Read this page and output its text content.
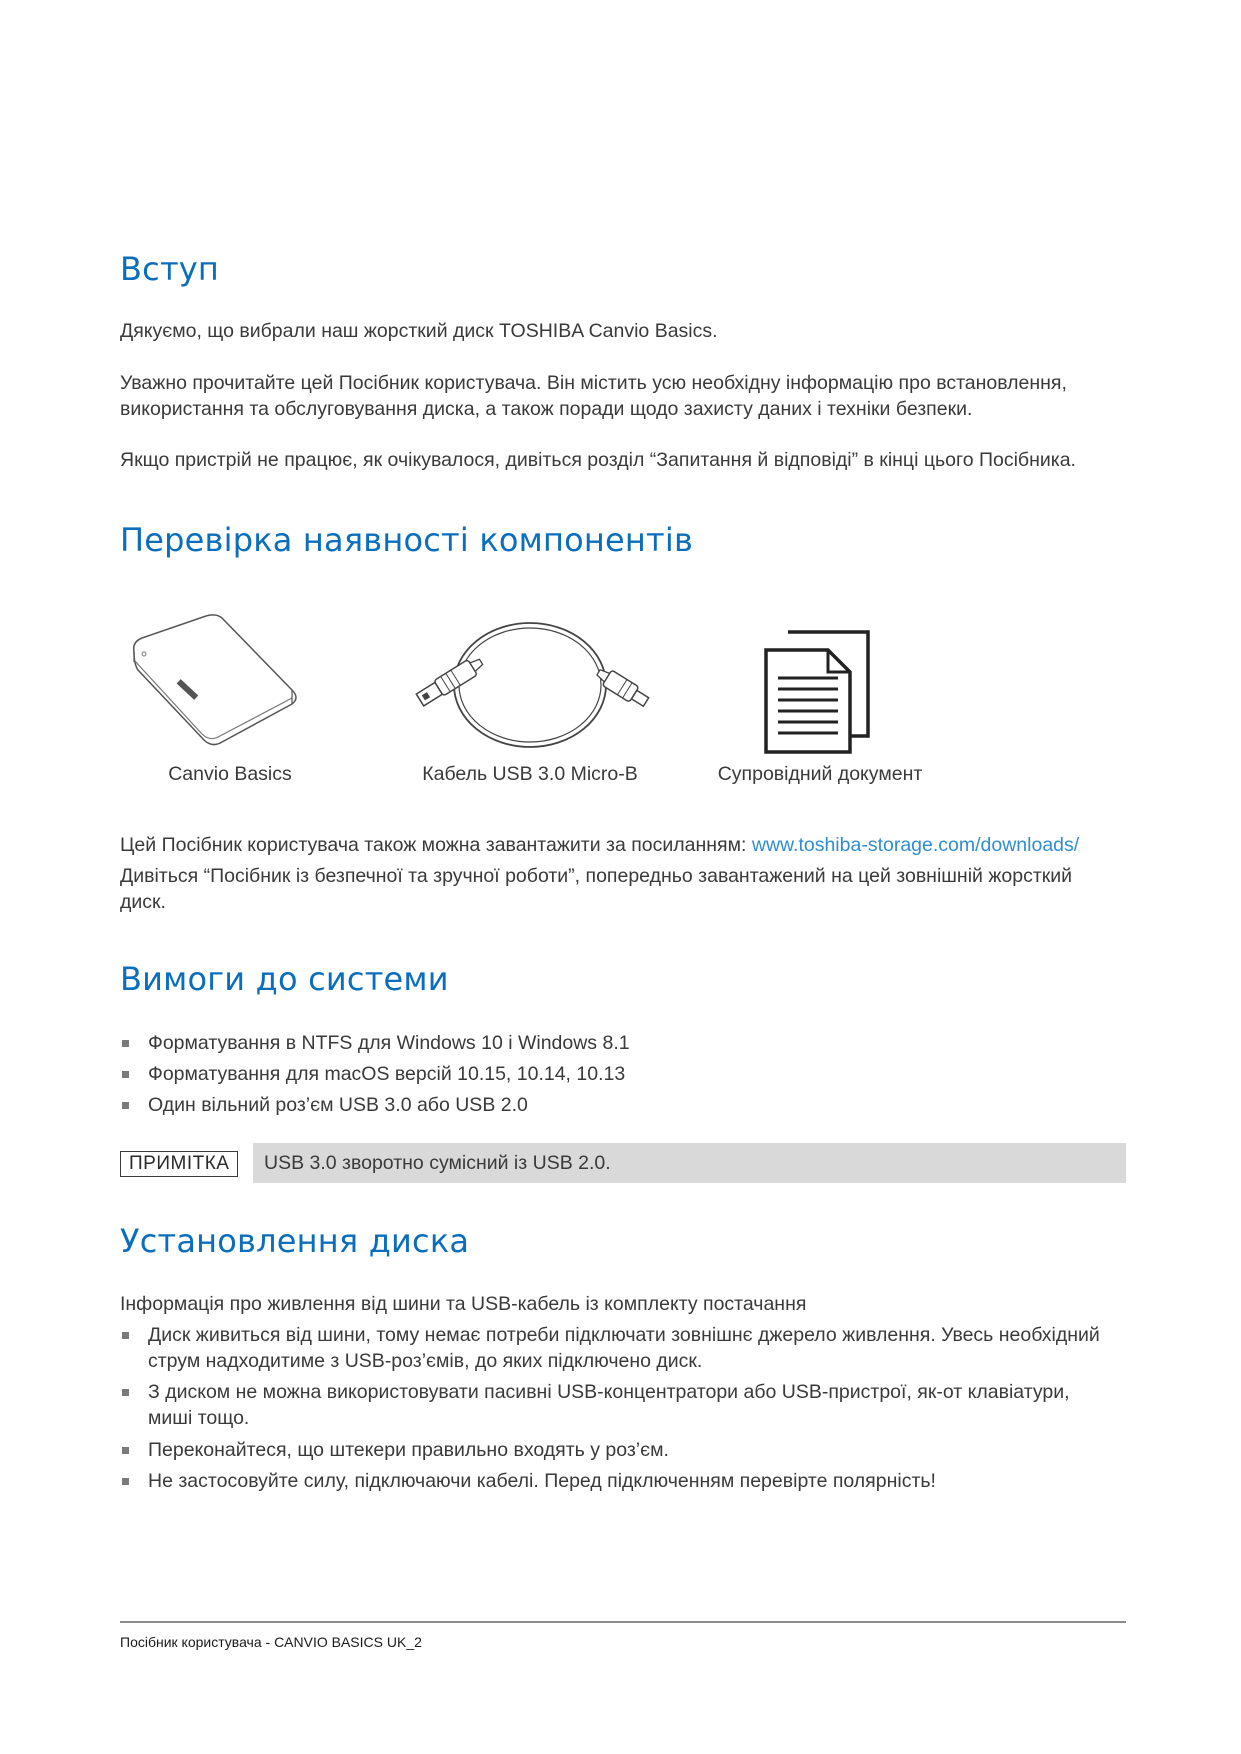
Вступ

Дякуємо, що вибрали наш жорсткий диск TOSHIBA Canvio Basics.

Уважно прочитайте цей Посібник користувача. Він містить усю необхідну інформацію про встановлення,

використання та обслуговування диска, а також поради щодо захисту даних і техніки безпеки.

Якщо пристрій не працює, як очікувалося, дивіться розділ “Запитання й відповіді” в кінці цього Посібника.

Перевірка наявності компонентів
Canvio Basics	Кабель USB 3.0 Micro-B	Супровідний документ

Цей Посібник користувача також можна завантажити за посиланням: www.toshiba-storage.com/downloads/

Дивіться “Посібник із безпечної та зручної роботи”, попередньо завантажений на цей зовнішній жорсткий

диск.

Вимоги до системи
Форматування в NTFS для Windows 10 і Windows 8.1
Форматування для macOS версій 10.15, 10.14, 10.13
Один вільний роз’єм USB 3.0 або USB 2.0
ПРИМІТКА	USB 3.0 зворотно сумісний із USB 2.0.
Установлення диска

Інформація про живлення від шини та USB-кабель із комплекту постачання

Диск живиться від шини, тому немає потреби підключати зовнішнє джерело живлення. Увесь необхідний
струм надходитиме з USB-роз’ємів, до яких підключено диск.
З диском не можна використовувати пасивні USB-концентратори або USB-пристрої, як-от клавіатури,
миші тощо.
Переконайтеся, що штекери правильно входять у роз’єм.
Не застосовуйте силу, підключаючи кабелі. Перед підключенням перевірте полярність!
Посібник користувача - CANVIO BASICS UK_2
